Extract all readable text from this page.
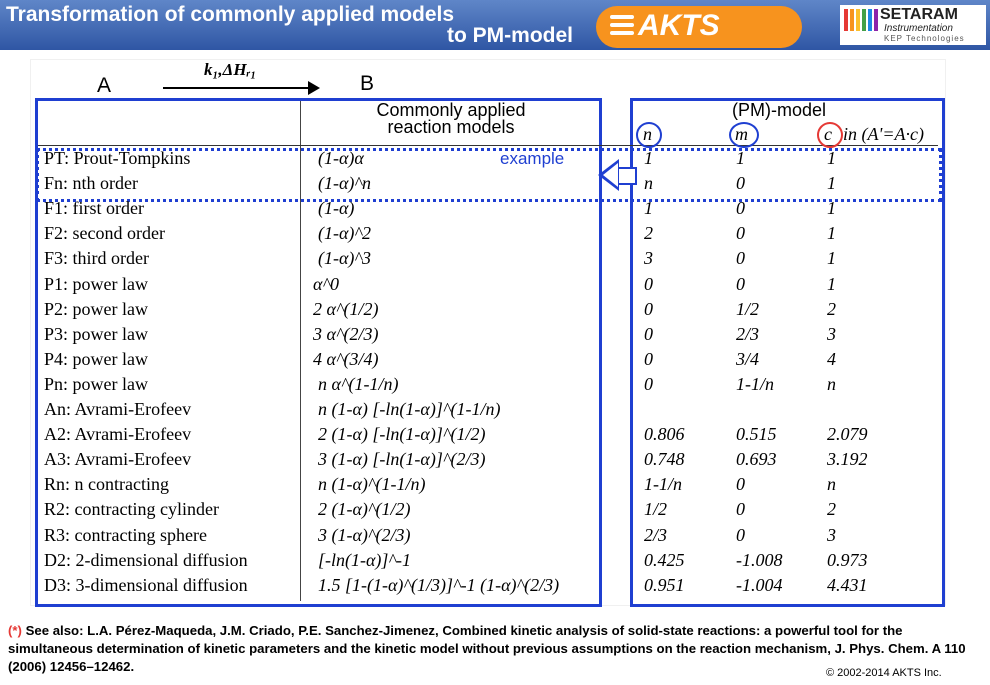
Transformation of commonly applied models
to PM-model AKTS	SETARAM
Instrumentation
KEP Technologies
A	B
k₁,ΔHᵣ₁
Commonly applied reaction models
(PM)-model
n	m	c in (A'=A·c)
example
PT: Prout-Tompkins	(1-α)α	1	1	1
Fn: nth order	(1-α)^n	n	0	1
F1: first order	(1-α)	1	0	1
F2: second order	(1-α)^2	2	0	1
F3: third order	(1-α)^3	3	0	1
P1: power law	α^0	0	0	1
P2: power law	2 α^(1/2)	0	1/2	2
P3: power law	3 α^(2/3)	0	2/3	3
P4: power law	4 α^(3/4)	0	3/4	4
Pn: power law	n α^(1-1/n)	0	1-1/n	n
An: Avrami-Erofeev	n (1-α) [-ln(1-α)]^(1-1/n)
A2: Avrami-Erofeev	2 (1-α) [-ln(1-α)]^(1/2)	0.806	0.515	2.079
A3: Avrami-Erofeev	3 (1-α) [-ln(1-α)]^(2/3)	0.748	0.693	3.192
Rn: n contracting	n (1-α)^(1-1/n)	1-1/n	0	n
R2: contracting cylinder	2 (1-α)^(1/2)	1/2	0	2
R3: contracting sphere	3 (1-α)^(2/3)	2/3	0	3
D2: 2-dimensional diffusion	[-ln(1-α)]^-1	0.425	-1.008 0.973
D3: 3-dimensional diffusion	1.5 [1-(1-α)^(1/3)]^-1 (1-α)^(2/3)	0.951	-1.004 4.431
(*) See also: L.A. Pérez-Maqueda, J.M. Criado, P.E. Sanchez-Jimenez, Combined kinetic analysis of solid-state reactions: a powerful tool for the simultaneous determination of kinetic parameters and the kinetic model without previous assumptions on the reaction mechanism, J. Phys. Chem. A 110 (2006) 12456–12462.	© 2002-2014 AKTS Inc.
